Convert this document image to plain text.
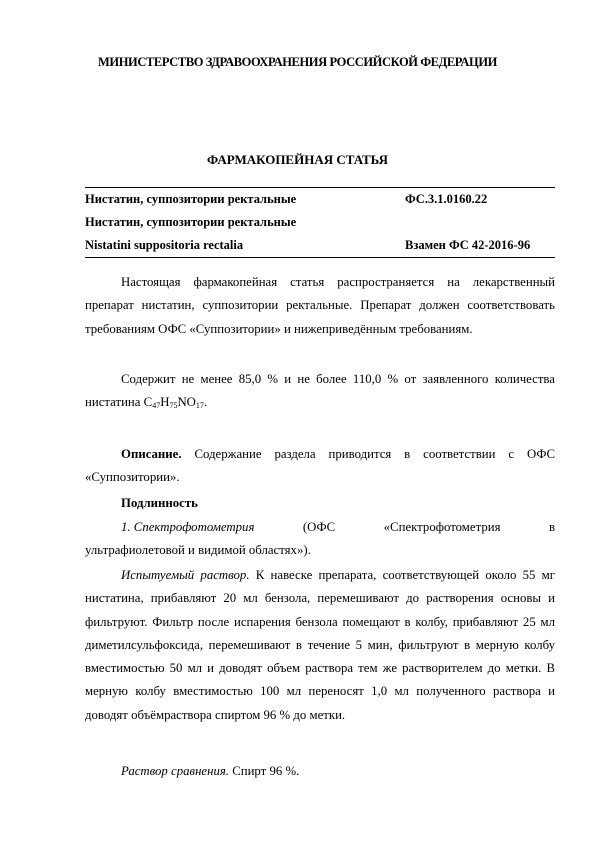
МИНИСТЕРСТВО ЗДРАВООХРАНЕНИЯ РОССИЙСКОЙ ФЕДЕРАЦИИ
ФАРМАКОПЕЙНАЯ СТАТЬЯ
Нистатин, суппозитории ректальные	ФС.3.1.0160.22
Нистатин, суппозитории ректальные
Nistatini suppositoria rectalia	Взамен ФС 42-2016-96
Настоящая фармакопейная статья распространяется на лекарственный препарат нистатин, суппозитории ректальные. Препарат должен соответствовать требованиям ОФС «Суппозитории» и нижеприведённым требованиям.
Содержит не менее 85,0 % и не более 110,0 % от заявленного количества нистатина $C_{47}H_{75}NO_{17}$.
Описание. Содержание раздела приводится в соответствии с ОФС «Суппозитории».
Подлинность
1. Спектрофотометрия	(ОФС	«Спектрофотометрия	в
ультрафиолетовой и видимой областях»).
Испытуемый раствор. К навеске препарата, соответствующей около 55 мг нистатина, прибавляют 20 мл бензола, перемешивают до растворения основы и фильтруют. Фильтр после испарения бензола помещают в колбу, прибавляют 25 мл диметилсульфоксида, перемешивают в течение 5 мин, фильтруют в мерную колбу вместимостью 50 мл и доводят объем раствора тем же растворителем до метки. В мерную колбу вместимостью 100 мл переносят 1,0 мл полученного раствора и доводят объёмраствора спиртом 96 % до метки.
Раствор сравнения. Спирт 96 %.
